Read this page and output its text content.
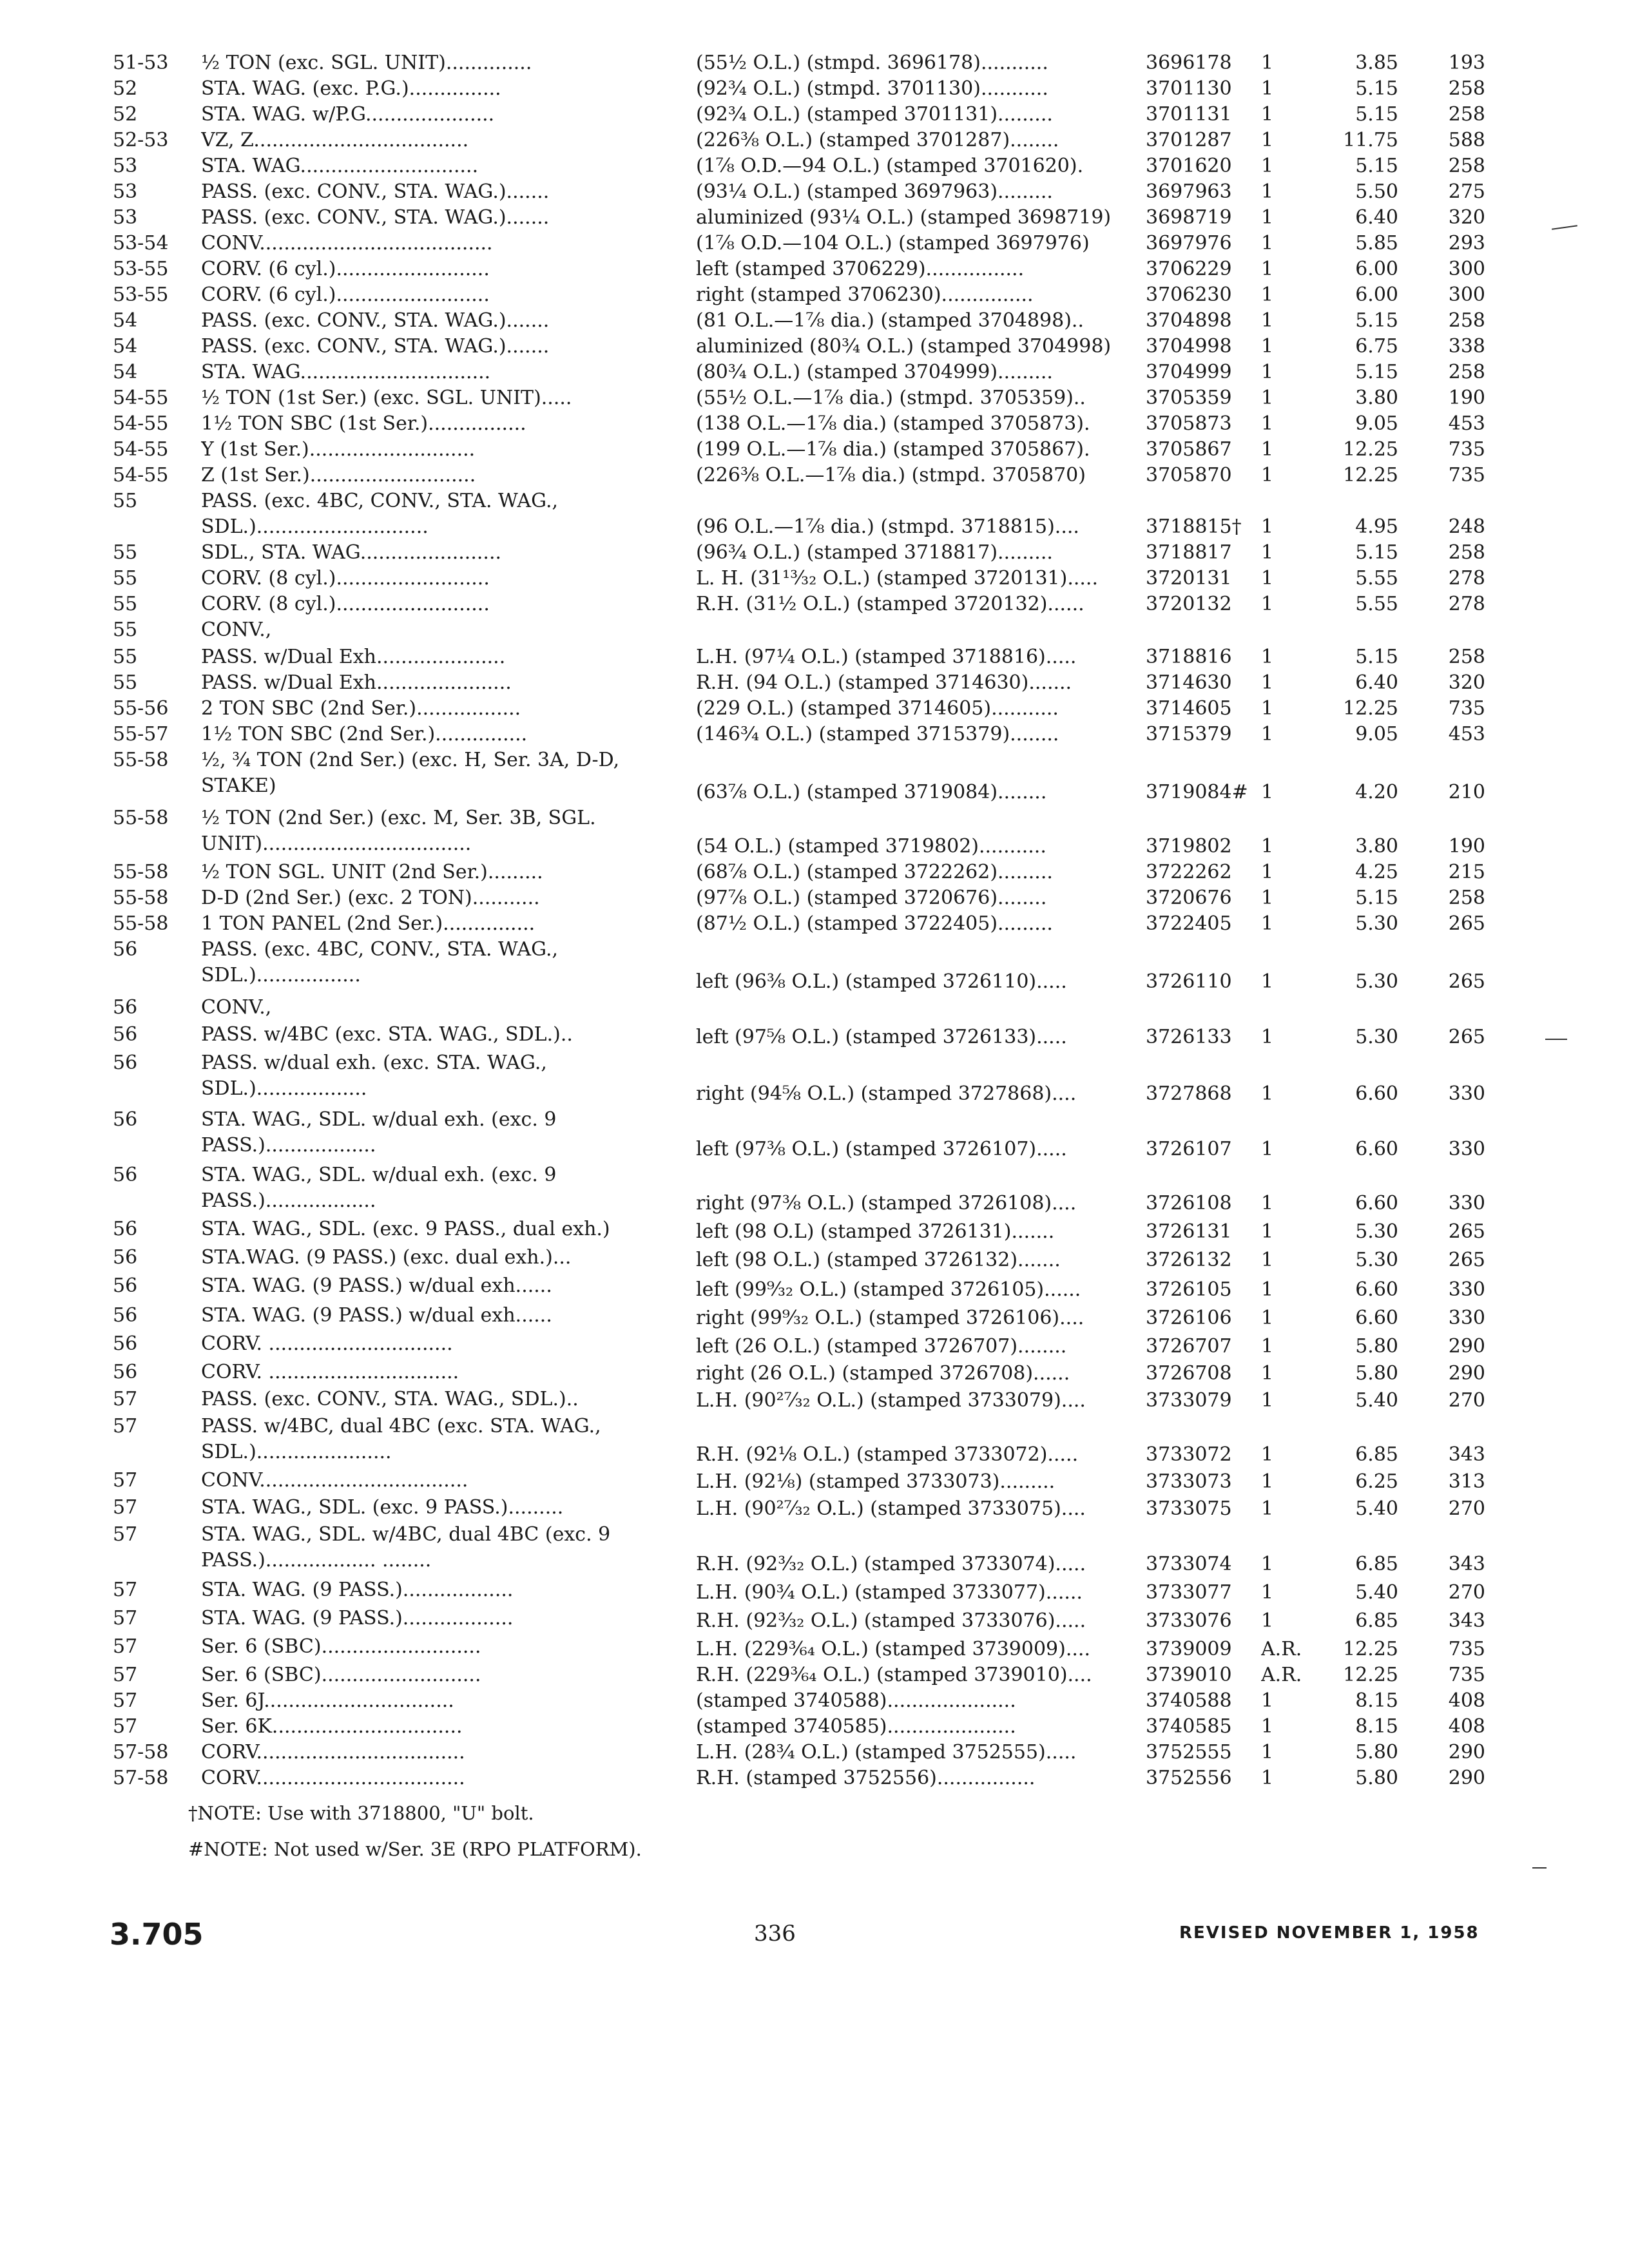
51-53	½ TON (exc. SGL. UNIT)..............	(55½ O.L.) (stmpd. 3696178)...........	3696178	1	3.85	193
52	STA. WAG. (exc. P.G.)...............	(92¾ O.L.) (stmpd. 3701130)...........	3701130	1	5.15	258
52	STA. WAG. w/P.G.....................	(92¾ O.L.) (stamped 3701131).........	3701131	1	5.15	258
52-53	VZ, Z...................................	(226⅜ O.L.) (stamped 3701287)........	3701287	1	11.75	588
53	STA. WAG.............................	(1⅞ O.D.—94 O.L.) (stamped 3701620).	3701620	1	5.15	258
53	PASS. (exc. CONV., STA. WAG.).......	(93¼ O.L.) (stamped 3697963).........	3697963	1	5.50	275
53	PASS. (exc. CONV., STA. WAG.).......	aluminized (93¼ O.L.) (stamped 3698719)	3698719	1	6.40	320
53-54	CONV......................................	(1⅞ O.D.—104 O.L.) (stamped 3697976)	3697976	1	5.85	293
53-55	CORV. (6 cyl.).........................	left (stamped 3706229)................	3706229	1	6.00	300
53-55	CORV. (6 cyl.).........................	right (stamped 3706230)...............	3706230	1	6.00	300
54	PASS. (exc. CONV., STA. WAG.).......	(81 O.L.—1⅞ dia.) (stamped 3704898)..	3704898	1	5.15	258
54	PASS. (exc. CONV., STA. WAG.).......	aluminized (80¾ O.L.) (stamped 3704998)	3704998	1	6.75	338
54	STA. WAG...............................	(80¾ O.L.) (stamped 3704999).........	3704999	1	5.15	258
54-55	½ TON (1st Ser.) (exc. SGL. UNIT).....	(55½ O.L.—1⅞ dia.) (stmpd. 3705359)..	3705359	1	3.80	190
54-55	1½ TON SBC (1st Ser.)................	(138 O.L.—1⅞ dia.) (stamped 3705873).	3705873	1	9.05	453
54-55	Y (1st Ser.)...........................	(199 O.L.—1⅞ dia.) (stamped 3705867).	3705867	1	12.25	735
54-55	Z (1st Ser.)...........................	(226⅜ O.L.—1⅞ dia.) (stmpd. 3705870)	3705870	1	12.25	735
55	PASS. (exc. 4BC, CONV., STA. WAG., SDL.)............................	(96 O.L.—1⅞ dia.) (stmpd. 3718815)....	3718815†	1	4.95	248
55	SDL., STA. WAG.......................	(96¾ O.L.) (stamped 3718817).........	3718817	1	5.15	258
55	CORV. (8 cyl.).........................	L. H. (31¹³⁄₃₂ O.L.) (stamped 3720131).....	3720131	1	5.55	278
55	CORV. (8 cyl.).........................	R.H. (31½ O.L.) (stamped 3720132)......	3720132	1	5.55	278
55	CONV.,
55	PASS. w/Dual Exh.....................	L.H. (97¼ O.L.) (stamped 3718816).....	3718816	1	5.15	258
55	PASS. w/Dual Exh......................	R.H. (94 O.L.) (stamped 3714630).......	3714630	1	6.40	320
55-56	2 TON SBC (2nd Ser.).................	(229 O.L.) (stamped 3714605)...........	3714605	1	12.25	735
55-57	1½ TON SBC (2nd Ser.)...............	(146¾ O.L.) (stamped 3715379)........	3715379	1	9.05	453
55-58	½, ¾ TON (2nd Ser.) (exc. H, Ser. 3A, D-D, STAKE)	(63⅞ O.L.) (stamped 3719084)........	3719084# 1	4.20	210
55-58	½ TON (2nd Ser.) (exc. M, Ser. 3B, SGL. UNIT)..................................	(54 O.L.) (stamped 3719802)...........	3719802	1	3.80	190
55-58	½ TON SGL. UNIT (2nd Ser.).........	(68⅞ O.L.) (stamped 3722262).........	3722262	1	4.25	215
55-58	D-D (2nd Ser.) (exc. 2 TON)...........	(97⅞ O.L.) (stamped 3720676)........	3720676	1	5.15	258
55-58	1 TON PANEL (2nd Ser.)...............	(87½ O.L.) (stamped 3722405).........	3722405	1	5.30	265
56	PASS. (exc. 4BC, CONV., STA. WAG., SDL.).................	left (96⅜ O.L.) (stamped 3726110).....	3726110	1	5.30	265
56	CONV.,
56	PASS. w/4BC (exc. STA. WAG., SDL.)..	left (97⅝ O.L.) (stamped 3726133).....	3726133	1	5.30	265
56	PASS. w/dual exh. (exc. STA. WAG., SDL.)..................	right (94⅝ O.L.) (stamped 3727868)....	3727868	1	6.60	330
56	STA. WAG., SDL. w/dual exh. (exc. 9 PASS.)..................	left (97⅜ O.L.) (stamped 3726107).....	3726107	1	6.60	330
56	STA. WAG., SDL. w/dual exh. (exc. 9 PASS.)..................	right (97⅜ O.L.) (stamped 3726108)....	3726108	1	6.60	330
56	STA. WAG., SDL. (exc. 9 PASS., dual exh.)	left (98 O.L) (stamped 3726131).......	3726131	1	5.30	265
56	STA.WAG. (9 PASS.) (exc. dual exh.)...	left (98 O.L.) (stamped 3726132).......	3726132	1	5.30	265
56	STA. WAG. (9 PASS.) w/dual exh......	left (99⁹⁄₃₂ O.L.) (stamped 3726105)......	3726105	1	6.60	330
56	STA. WAG. (9 PASS.) w/dual exh......	right (99⁹⁄₃₂ O.L.) (stamped 3726106)....	3726106	1	6.60	330
56	CORV. ..............................	left (26 O.L.) (stamped 3726707)........	3726707	1	5.80	290
56	CORV. ...............................	right (26 O.L.) (stamped 3726708)......	3726708	1	5.80	290
57	PASS. (exc. CONV., STA. WAG., SDL.)..	L.H. (90²⁷⁄₃₂ O.L.) (stamped 3733079)....	3733079	1	5.40	270
57	PASS. w/4BC, dual 4BC (exc. STA. WAG., SDL.)......................	R.H. (92⅛ O.L.) (stamped 3733072).....	3733072	1	6.85	343
57	CONV..................................	L.H. (92⅛) (stamped 3733073).........	3733073	1	6.25	313
57	STA. WAG., SDL. (exc. 9 PASS.).........	L.H. (90²⁷⁄₃₂ O.L.) (stamped 3733075)....	3733075	1	5.40	270
57	STA. WAG., SDL. w/4BC, dual 4BC (exc. 9 PASS.).................. ........	R.H. (92³⁄₃₂ O.L.) (stamped 3733074).....	3733074	1	6.85	343
57	STA. WAG. (9 PASS.)..................	L.H. (90¾ O.L.) (stamped 3733077)......	3733077	1	5.40	270
57	STA. WAG. (9 PASS.)..................	R.H. (92³⁄₃₂ O.L.) (stamped 3733076).....	3733076	1	6.85	343
57	Ser. 6 (SBC)..........................	L.H. (229³⁄₆₄ O.L.) (stamped 3739009)....	3739009	A.R.	12.25	735
57	Ser. 6 (SBC)..........................	R.H. (229³⁄₆₄ O.L.) (stamped 3739010)....	3739010	A.R.	12.25	735
57	Ser. 6J...............................	(stamped 3740588).....................	3740588	1	8.15	408
57	Ser. 6K...............................	(stamped 3740585).....................	3740585	1	8.15	408
57-58	CORV..................................	L.H. (28¾ O.L.) (stamped 3752555).....	3752555	1	5.80	290
57-58	CORV..................................	R.H. (stamped 3752556)................	3752556	1	5.80	290
†NOTE: Use with 3718800, "U" bolt.
#NOTE: Not used w/Ser. 3E (RPO PLATFORM).
3.705	336	REVISED NOVEMBER 1, 1958
